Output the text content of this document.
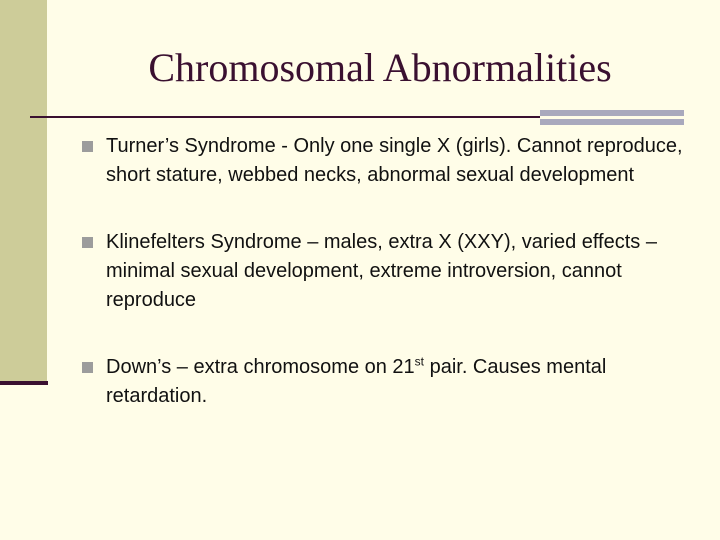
Chromosomal Abnormalities
Turner’s Syndrome - Only one single X (girls). Cannot reproduce, short stature, webbed necks, abnormal sexual development
Klinefelters Syndrome – males, extra X (XXY), varied effects – minimal sexual development, extreme introversion, cannot reproduce
Down’s – extra chromosome on 21st pair. Causes mental retardation.
